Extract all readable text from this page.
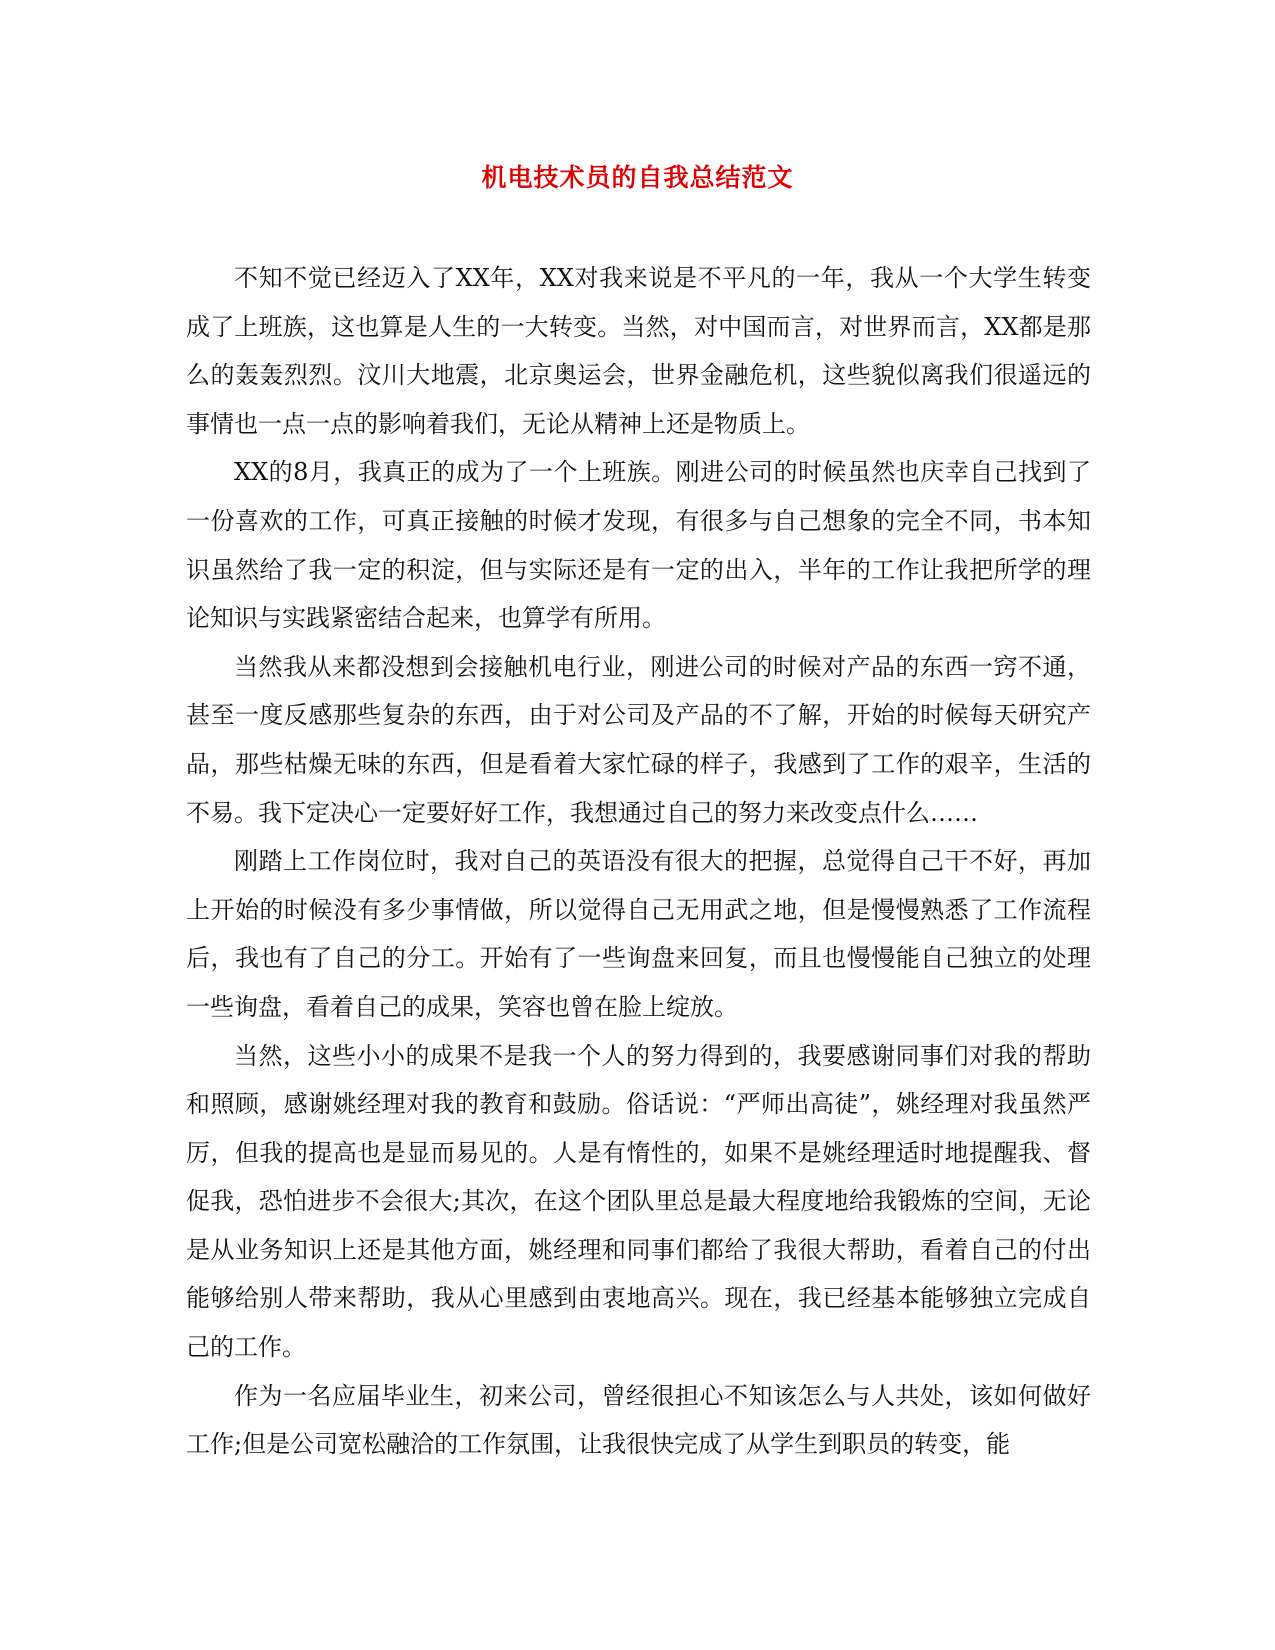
机电技术员的自我总结范文

不知不觉已经迈入了XX年，XX对我来说是不平凡的一年，我从一个大学生转变成了上班族，这也算是人生的一大转变。当然，对中国而言，对世界而言，XX都是那么的轰轰烈烈。汶川大地震，北京奥运会，世界金融危机，这些貌似离我们很遥远的事情也一点一点的影响着我们，无论从精神上还是物质上。

XX的8月，我真正的成为了一个上班族。刚进公司的时候虽然也庆幸自己找到了一份喜欢的工作，可真正接触的时候才发现，有很多与自己想象的完全不同，书本知识虽然给了我一定的积淀，但与实际还是有一定的出入，半年的工作让我把所学的理论知识与实践紧密结合起来，也算学有所用。

当然我从来都没想到会接触机电行业，刚进公司的时候对产品的东西一窍不通，甚至一度反感那些复杂的东西，由于对公司及产品的不了解，开始的时候每天研究产品，那些枯燥无味的东西，但是看着大家忙碌的样子，我感到了工作的艰辛，生活的不易。我下定决心一定要好好工作，我想通过自己的努力来改变点什么……

刚踏上工作岗位时，我对自己的英语没有很大的把握，总觉得自己干不好，再加上开始的时候没有多少事情做，所以觉得自己无用武之地，但是慢慢熟悉了工作流程后，我也有了自己的分工。开始有了一些询盘来回复，而且也慢慢能自己独立的处理一些询盘，看着自己的成果，笑容也曾在脸上绽放。

当然，这些小小的成果不是我一个人的努力得到的，我要感谢同事们对我的帮助和照顾，感谢姚经理对我的教育和鼓励。俗话说：“严师出高徒”，姚经理对我虽然严厉，但我的提高也是显而易见的。人是有惰性的，如果不是姚经理适时地提醒我、督促我，恐怕进步不会很大;其次，在这个团队里总是最大程度地给我锻炼的空间，无论是从业务知识上还是其他方面，姚经理和同事们都给了我很大帮助，看着自己的付出能够给别人带来帮助，我从心里感到由衷地高兴。现在，我已经基本能够独立完成自己的工作。

作为一名应届毕业生，初来公司，曾经很担心不知该怎么与人共处，该如何做好工作;但是公司宽松融洽的工作氛围，让我很快完成了从学生到职员的转变，能
